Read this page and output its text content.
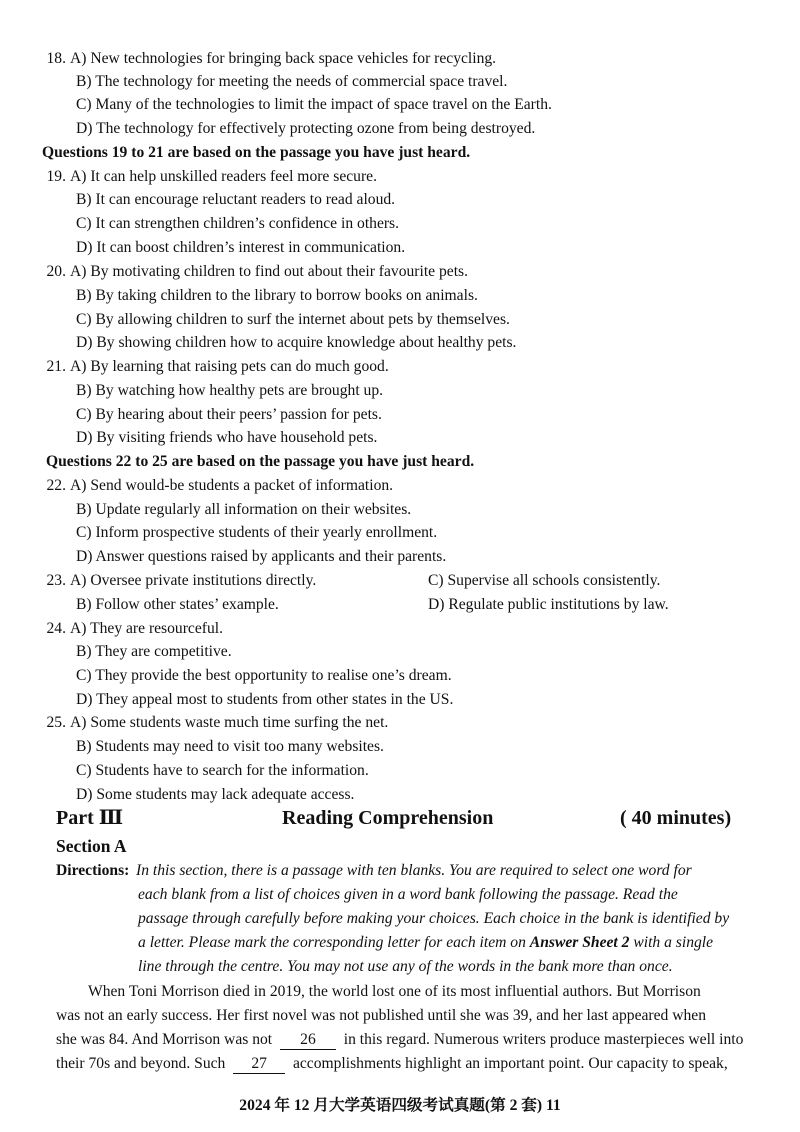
18. A) New technologies for bringing back space vehicles for recycling.
B) The technology for meeting the needs of commercial space travel.
C) Many of the technologies to limit the impact of space travel on the Earth.
D) The technology for effectively protecting ozone from being destroyed.
Questions 19 to 21 are based on the passage you have just heard.
19. A) It can help unskilled readers feel more secure.
B) It can encourage reluctant readers to read aloud.
C) It can strengthen children’s confidence in others.
D) It can boost children’s interest in communication.
20. A) By motivating children to find out about their favourite pets.
B) By taking children to the library to borrow books on animals.
C) By allowing children to surf the internet about pets by themselves.
D) By showing children how to acquire knowledge about healthy pets.
21. A) By learning that raising pets can do much good.
B) By watching how healthy pets are brought up.
C) By hearing about their peers’ passion for pets.
D) By visiting friends who have household pets.
Questions 22 to 25 are based on the passage you have just heard.
22. A) Send would-be students a packet of information.
B) Update regularly all information on their websites.
C) Inform prospective students of their yearly enrollment.
D) Answer questions raised by applicants and their parents.
23. A) Oversee private institutions directly.	C) Supervise all schools consistently.
B) Follow other states’ example.	D) Regulate public institutions by law.
24. A) They are resourceful.
B) They are competitive.
C) They provide the best opportunity to realise one’s dream.
D) They appeal most to students from other states in the US.
25. A) Some students waste much time surfing the net.
B) Students may need to visit too many websites.
C) Students have to search for the information.
D) Some students may lack adequate access.
Part Ⅲ	Reading Comprehension	( 40 minutes)
Section A
Directions: In this section, there is a passage with ten blanks. You are required to select one word for
each blank from a list of choices given in a word bank following the passage. Read the
passage through carefully before making your choices. Each choice in the bank is identified by
a letter. Please mark the corresponding letter for each item on Answer Sheet 2 with a single
line through the centre. You may not use any of the words in the bank more than once.
When Toni Morrison died in 2019, the world lost one of its most influential authors. But Morrison
was not an early success. Her first novel was not published until she was 39, and her last appeared when
she was 84. And Morrison was not 26 in this regard. Numerous writers produce masterpieces well into
their 70s and beyond. Such 27 accomplishments highlight an important point. Our capacity to speak,
2024 年 12 月大学英语四级考试真题(第 2 套) 11
